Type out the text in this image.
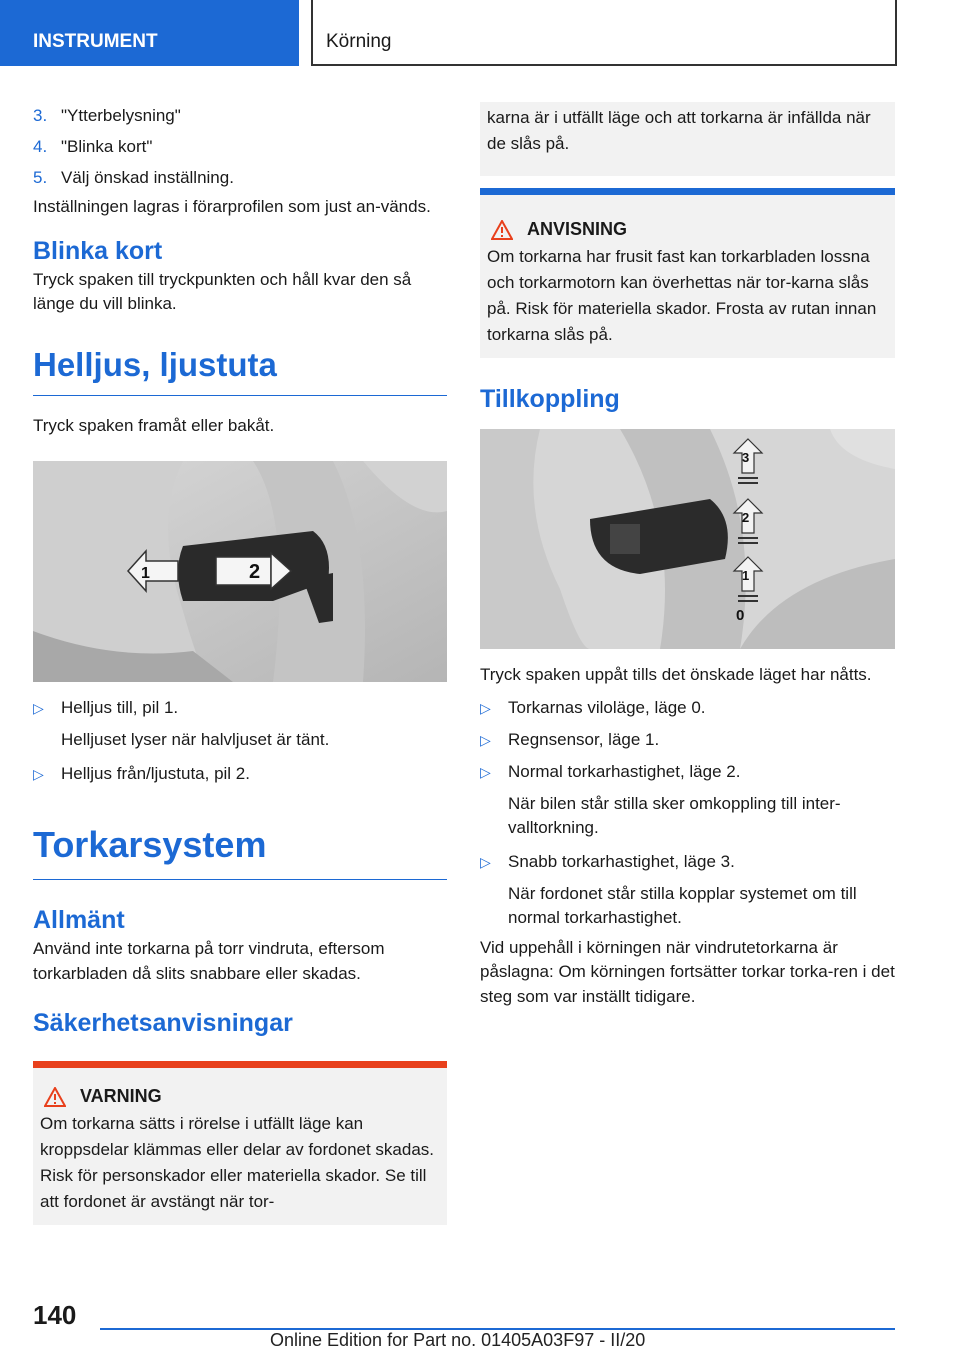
INSTRUMENT	Körning
3. "Ytterbelysning"
4. "Blinka kort"
5. Välj önskad inställning.

Inställningen lagras i förarprofilen som just an-vänds.

Blinka kort

Tryck spaken till tryckpunkten och håll kvar den så länge du vill blinka.

Helljus, ljustuta

Tryck spaken framåt eller bakåt.

1	2
▷	Helljus till, pil 1.
Helljuset lyser när halvljuset är tänt.
▷	Helljus från/ljustuta, pil 2.
Torkarsystem
Allmänt

Använd inte torkarna på torr vindruta, eftersom torkarbladen då slits snabbare eller skadas.

Säkerhetsanvisningar
VARNING

Om torkarna sätts i rörelse i utfällt läge kan kroppsdelar klämmas eller delar av fordonet skadas. Risk för personskador eller materiella skador. Se till att fordonet är avstängt när tor-

karna är i utfällt läge och att torkarna är infällda när de slås på.

ANVISNING

Om torkarna har frusit fast kan torkarbladen lossna och torkarmotorn kan överhettas när tor-karna slås på. Risk för materiella skador. Frosta av rutan innan torkarna slås på.

Tillkoppling
3
2
1
0

Tryck spaken uppåt tills det önskade läget har nåtts.

▷	Torkarnas viloläge, läge 0.
▷	Regnsensor, läge 1.
▷	Normal torkarhastighet, läge 2.
När bilen står stilla sker omkoppling till inter-valltorkning.
▷	Snabb torkarhastighet, läge 3.
När fordonet står stilla kopplar systemet om till normal torkarhastighet.

Vid uppehåll i körningen när vindrutetorkarna är påslagna: Om körningen fortsätter torkar torka-ren i det steg som var inställt tidigare.

140
Online Edition for Part no. 01405A03F97 - II/20
